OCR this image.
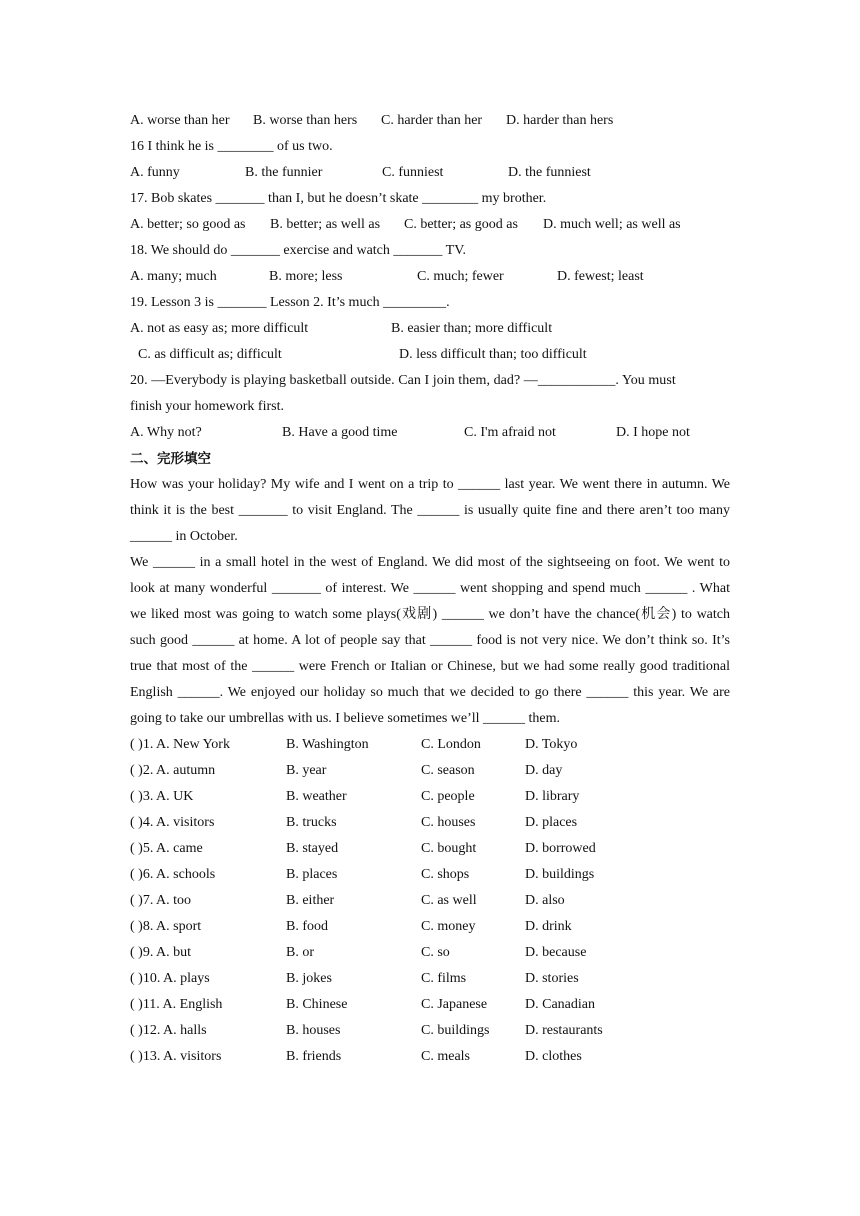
A. worse than her B. worse than hers C. harder than her D. harder than hers
16 I think he is ________ of us two.
A. funny	B. the funnier	C. funniest	D. the funniest
17. Bob skates _______ than I, but he doesn’t skate ________ my brother.
A. better; so good as B. better; as well as C. better; as good as D. much well; as well as
18. We should do _______ exercise and watch _______ TV.
A. many; much	B. more; less	C. much; fewer	D. fewest; least
19. Lesson 3 is _______ Lesson 2. It’s much _________.
A. not as easy as; more difficult	B. easier than; more difficult
C. as difficult as; difficult	D. less difficult than; too difficult
20. —Everybody is playing basketball outside. Can I join them, dad? —___________. You must
finish your homework first.
A. Why not?	B. Have a good time	C. I'm afraid not	D. I hope not
二、完形填空
How was your holiday? My wife and I went on a trip to ______ last year. We went there in autumn. We think it is the best _______ to visit England. The ______ is usually quite fine and there aren’t too many ______ in October.
We ______ in a small hotel in the west of England. We did most of the sightseeing on foot. We went to look at many wonderful _______ of interest. We ______ went shopping and spend much ______ . What we liked most was going to watch some plays(戏剧) ______ we don’t have the chance(机会) to watch such good ______ at home. A lot of people say that ______ food is not very nice. We don’t think so. It’s true that most of the ______ were French or Italian or Chinese, but we had some really good traditional English ______. We enjoyed our holiday so much that we decided to go there ______ this year. We are going to take our umbrellas with us. I believe sometimes we’ll ______ them.
( )1. A. New York	B. Washington	C. London	D. Tokyo
( )2. A. autumn	B. year	C. season	D. day
( )3. A. UK	B. weather	C. people	D. library
( )4. A. visitors	B. trucks	C. houses	D. places
( )5. A. came	B. stayed	C. bought	D. borrowed
( )6. A. schools	B. places	C. shops	D. buildings
( )7. A. too	B. either	C. as well	D. also
( )8. A. sport	B. food	C. money	D. drink
( )9. A. but	B. or	C. so	D. because
( )10. A. plays	B. jokes	C. films	D. stories
( )11. A. English	B. Chinese	C. Japanese	D. Canadian
( )12. A. halls	B. houses	C. buildings	D. restaurants
( )13. A. visitors	B. friends	C. meals	D. clothes
